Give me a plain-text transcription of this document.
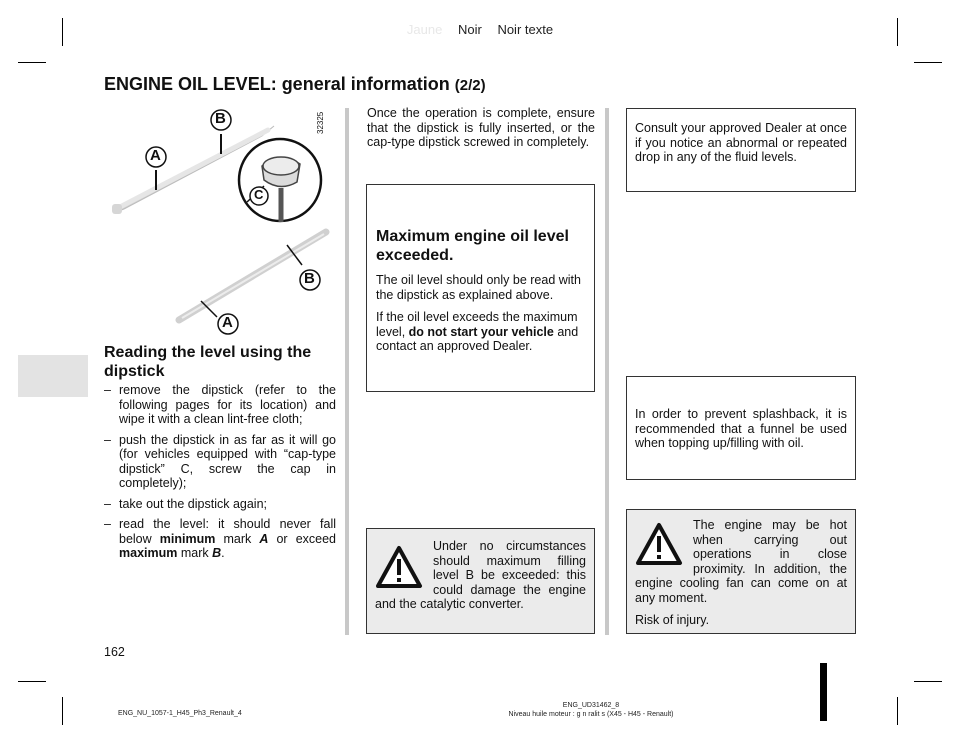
Jaune Noir Noir texte
ENGINE OIL LEVEL: general information (2/2)
B
A
C
B
A
32325
Reading the level using the dipstick
– remove the dipstick (refer to the following pages for its location) and wipe it with a clean lint-free cloth;
– push the dipstick in as far as it will go (for vehicles equipped with “cap-type dipstick” C, screw the cap in completely);
– take out the dipstick again;
– read the level: it should never fall below minimum mark A or exceed maximum mark B.
162
Once the operation is complete, ensure that the dipstick is fully inserted, or the cap-type dipstick screwed in completely.
Maximum engine oil level exceeded.

The oil level should only be read with the dipstick as explained above.

If the oil level exceeds the maximum level, do not start your vehicle and contact an approved Dealer.

Under no circumstances should maximum filling level B be exceeded: this could damage the engine and the catalytic converter.
Consult your approved Dealer at once if you notice an abnormal or repeated drop in any of the fluid levels.
In order to prevent splashback, it is recommended that a funnel be used when topping up/filling with oil.

The engine may be hot when carrying out operations in close proximity. In addition, the engine cooling fan can come on at any moment.

Risk of injury.

ENG_NU_1057-1_H45_Ph3_Renault_4
ENG_UD31462_8
Niveau huile moteur : g n ralit s (X45 - H45 - Renault)
